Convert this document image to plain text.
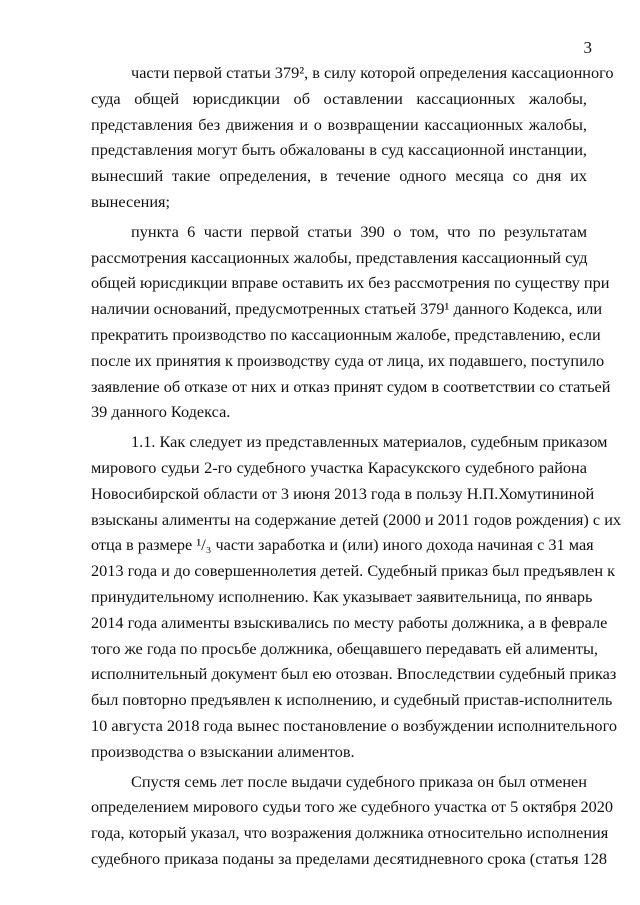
3
части первой статьи 379², в силу которой определения кассационного
суда общей юрисдикции об оставлении кассационных жалобы,
представления без движения и о возвращении кассационных жалобы,
представления могут быть обжалованы в суд кассационной инстанции,
вынесший такие определения, в течение одного месяца со дня их
вынесения;
пункта 6 части первой статьи 390 о том, что по результатам
рассмотрения кассационных жалобы, представления кассационный суд
общей юрисдикции вправе оставить их без рассмотрения по существу при
наличии оснований, предусмотренных статьей 379¹ данного Кодекса, или
прекратить производство по кассационным жалобе, представлению, если
после их принятия к производству суда от лица, их подавшего, поступило
заявление об отказе от них и отказ принят судом в соответствии со статьей
39 данного Кодекса.
1.1. Как следует из представленных материалов, судебным приказом
мирового судьи 2-го судебного участка Карасукского судебного района
Новосибирской области от 3 июня 2013 года в пользу Н.П.Хомутининой
взысканы алименты на содержание детей (2000 и 2011 годов рождения) с их
отца в размере ¹/₃ части заработка и (или) иного дохода начиная с 31 мая
2013 года и до совершеннолетия детей. Судебный приказ был предъявлен к
принудительному исполнению. Как указывает заявительница, по январь
2014 года алименты взыскивались по месту работы должника, а в феврале
того же года по просьбе должника, обещавшего передавать ей алименты,
исполнительный документ был ею отозван. Впоследствии судебный приказ
был повторно предъявлен к исполнению, и судебный пристав-исполнитель
10 августа 2018 года вынес постановление о возбуждении исполнительного
производства о взыскании алиментов.
Спустя семь лет после выдачи судебного приказа он был отменен
определением мирового судьи того же судебного участка от 5 октября 2020
года, который указал, что возражения должника относительно исполнения
судебного приказа поданы за пределами десятидневного срока (статья 128
